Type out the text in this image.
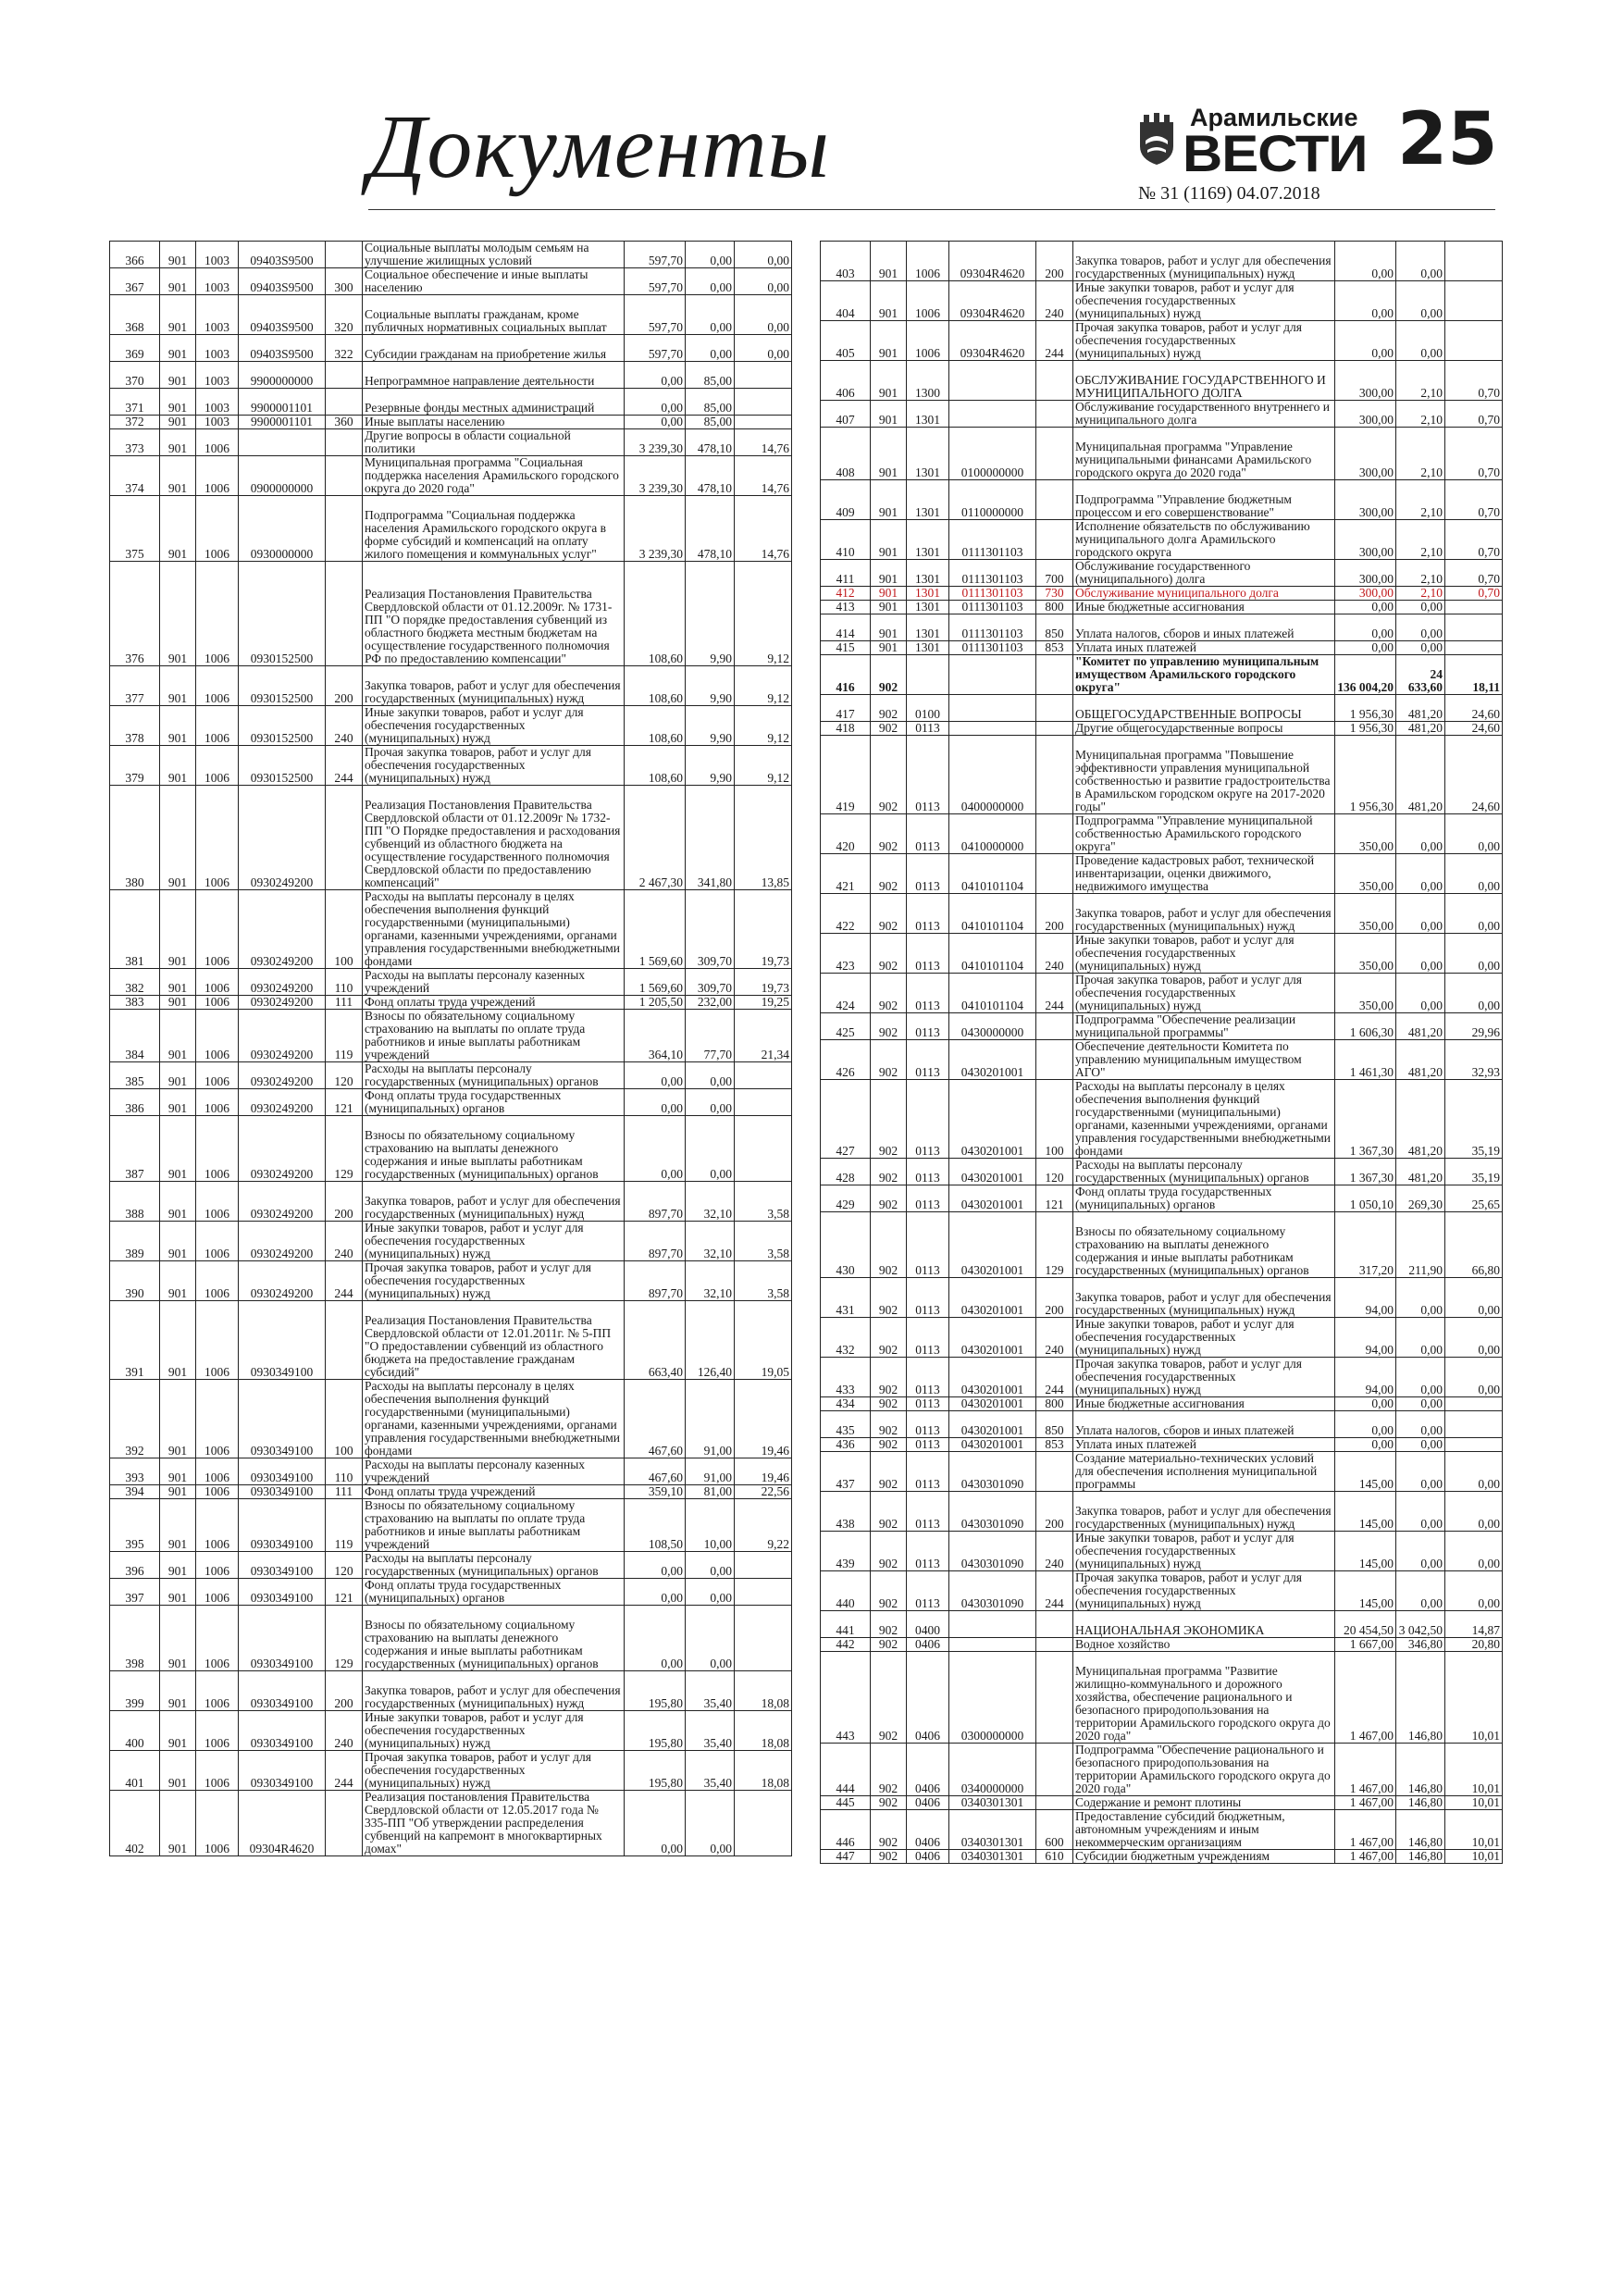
Документы	Арамильские
ВЕСТИ 25
№ 31 (1169) 04.07.2018
366	901	1003	09403S9500		Социальные выплаты молодым семьям на улучшение жилищных условий	597,70	0,00	0,00
367	901	1003	09403S9500	300	Социальное обеспечение и иные выплаты населению	597,70	0,00	0,00
368	901	1003	09403S9500	320	Социальные выплаты гражданам, кроме публичных нормативных социальных выплат	597,70	0,00	0,00
369	901	1003	09403S9500	322	Субсидии гражданам на приобретение жилья	597,70	0,00	0,00
370	901	1003	9900000000		Непрограммное направление деятельности	0,00	85,00	
371	901	1003	9900001101		Резервные фонды местных администраций	0,00	85,00	
372	901	1003	9900001101	360	Иные выплаты населению	0,00	85,00	
373	901	1006			Другие вопросы в области социальной политики	3 239,30	478,10	14,76
374	901	1006	0900000000		Муниципальная программа "Социальная поддержка населения Арамильского городского округа до 2020 года"	3 239,30	478,10	14,76
375	901	1006	0930000000		Подпрограмма "Социальная поддержка населения Арамильского городского округа в форме субсидий и компенсаций на оплату жилого помещения и коммунальных услуг"	3 239,30	478,10	14,76
376	901	1006	0930152500		Реализация Постановления Правительства Свердловской области от 01.12.2009г. № 1731-ПП "О порядке предоставления субвенций из областного бюджета местным бюджетам на осуществление государственного полномочия РФ по предоставлению компенсации"	108,60	9,90	9,12
377	901	1006	0930152500	200	Закупка товаров, работ и услуг для обеспечения государственных (муниципальных) нужд	108,60	9,90	9,12
378	901	1006	0930152500	240	Иные закупки товаров, работ и услуг для обеспечения государственных (муниципальных) нужд	108,60	9,90	9,12
379	901	1006	0930152500	244	Прочая закупка товаров, работ и услуг для обеспечения государственных (муниципальных) нужд	108,60	9,90	9,12
380	901	1006	0930249200		Реализация Постановления Правительства Свердловской области от 01.12.2009г № 1732-ПП "О Порядке предоставления и расходования субвенций из областного бюджета на осуществление государственного полномочия Свердловской области по предоставлению компенсаций"	2 467,30	341,80	13,85
381	901	1006	0930249200	100	Расходы на выплаты персоналу в целях обеспечения выполнения функций государственными (муниципальными) органами, казенными учреждениями, органами управления государственными внебюджетными фондами	1 569,60	309,70	19,73
382	901	1006	0930249200	110	Расходы на выплаты персоналу казенных учреждений	1 569,60	309,70	19,73
383	901	1006	0930249200	111	Фонд оплаты труда учреждений	1 205,50	232,00	19,25
384	901	1006	0930249200	119	Взносы по обязательному социальному страхованию на выплаты по оплате труда работников и иные выплаты работникам учреждений	364,10	77,70	21,34
385	901	1006	0930249200	120	Расходы на выплаты персоналу государственных (муниципальных) органов	0,00	0,00	
386	901	1006	0930249200	121	Фонд оплаты труда государственных (муниципальных) органов	0,00	0,00	
387	901	1006	0930249200	129	Взносы по обязательному социальному страхованию на выплаты денежного содержания и иные выплаты работникам государственных (муниципальных) органов	0,00	0,00	
388	901	1006	0930249200	200	Закупка товаров, работ и услуг для обеспечения государственных (муниципальных) нужд	897,70	32,10	3,58
389	901	1006	0930249200	240	Иные закупки товаров, работ и услуг для обеспечения государственных (муниципальных) нужд	897,70	32,10	3,58
390	901	1006	0930249200	244	Прочая закупка товаров, работ и услуг для обеспечения государственных (муниципальных) нужд	897,70	32,10	3,58
391	901	1006	0930349100		Реализация Постановления Правительства Свердловской области от 12.01.2011г. № 5-ПП "О предоставлении субвенций из областного бюджета на предоставление гражданам субсидий"	663,40	126,40	19,05
392	901	1006	0930349100	100	Расходы на выплаты персоналу в целях обеспечения выполнения функций государственными (муниципальными) органами, казенными учреждениями, органами управления государственными внебюджетными фондами	467,60	91,00	19,46
393	901	1006	0930349100	110	Расходы на выплаты персоналу казенных учреждений	467,60	91,00	19,46
394	901	1006	0930349100	111	Фонд оплаты труда учреждений	359,10	81,00	22,56
395	901	1006	0930349100	119	Взносы по обязательному социальному страхованию на выплаты по оплате труда работников и иные выплаты работникам учреждений	108,50	10,00	9,22
396	901	1006	0930349100	120	Расходы на выплаты персоналу государственных (муниципальных) органов	0,00	0,00	
397	901	1006	0930349100	121	Фонд оплаты труда государственных (муниципальных) органов	0,00	0,00	
398	901	1006	0930349100	129	Взносы по обязательному социальному страхованию на выплаты денежного содержания и иные выплаты работникам государственных (муниципальных) органов	0,00	0,00	
399	901	1006	0930349100	200	Закупка товаров, работ и услуг для обеспечения государственных (муниципальных) нужд	195,80	35,40	18,08
400	901	1006	0930349100	240	Иные закупки товаров, работ и услуг для обеспечения государственных (муниципальных) нужд	195,80	35,40	18,08
401	901	1006	0930349100	244	Прочая закупка товаров, работ и услуг для обеспечения государственных (муниципальных) нужд	195,80	35,40	18,08
402	901	1006	09304R4620		Реализация постановления Правительства Свердловской области от 12.05.2017 года № 335-ПП "Об утверждении распределения субвенций на капремонт в многоквартирных домах"	0,00	0,00	
403	901	1006	09304R4620	200	Закупка товаров, работ и услуг для обеспечения государственных (муниципальных) нужд	0,00	0,00	
404	901	1006	09304R4620	240	Иные закупки товаров, работ и услуг для обеспечения государственных (муниципальных) нужд	0,00	0,00	
405	901	1006	09304R4620	244	Прочая закупка товаров, работ и услуг для обеспечения государственных (муниципальных) нужд	0,00	0,00	
406	901	1300			ОБСЛУЖИВАНИЕ ГОСУДАРСТВЕННОГО И МУНИЦИПАЛЬНОГО ДОЛГА	300,00	2,10	0,70
407	901	1301			Обслуживание государственного внутреннего и муниципального долга	300,00	2,10	0,70
408	901	1301	0100000000		Муниципальная программа "Управление муниципальными финансами Арамильского городского округа до 2020 года"	300,00	2,10	0,70
409	901	1301	0110000000		Подпрограмма "Управление бюджетным процессом и его совершенствование"	300,00	2,10	0,70
410	901	1301	0111301103		Исполнение обязательств по обслуживанию муниципального долга Арамильского городского округа	300,00	2,10	0,70
411	901	1301	0111301103	700	Обслуживание государственного (муниципального) долга	300,00	2,10	0,70
412	901	1301	0111301103	730	Обслуживание муниципального долга	300,00	2,10	0,70
413	901	1301	0111301103	800	Иные бюджетные ассигнования	0,00	0,00	
414	901	1301	0111301103	850	Уплата налогов, сборов и иных платежей	0,00	0,00	
415	901	1301	0111301103	853	Уплата иных платежей	0,00	0,00	
416	902				"Комитет по управлению муниципальным имуществом Арамильского городского округа"	136 004,20	24 633,60	18,11
417	902	0100			ОБЩЕГОСУДАРСТВЕННЫЕ ВОПРОСЫ	1 956,30	481,20	24,60
418	902	0113			Другие общегосударственные вопросы	1 956,30	481,20	24,60
419	902	0113	0400000000		Муниципальная программа "Повышение эффективности управления муниципальной собственностью и развитие градостроительства в Арамильском городском округе на 2017-2020 годы"	1 956,30	481,20	24,60
420	902	0113	0410000000		Подпрограмма "Управление муниципальной собственностью Арамильского городского округа"	350,00	0,00	0,00
421	902	0113	0410101104		Проведение кадастровых работ, технической инвентаризации, оценки движимого, недвижимого имущества	350,00	0,00	0,00
422	902	0113	0410101104	200	Закупка товаров, работ и услуг для обеспечения государственных (муниципальных) нужд	350,00	0,00	0,00
423	902	0113	0410101104	240	Иные закупки товаров, работ и услуг для обеспечения государственных (муниципальных) нужд	350,00	0,00	0,00
424	902	0113	0410101104	244	Прочая закупка товаров, работ и услуг для обеспечения государственных (муниципальных) нужд	350,00	0,00	0,00
425	902	0113	0430000000		Подпрограмма "Обеспечение реализации муниципальной программы"	1 606,30	481,20	29,96
426	902	0113	0430201001		Обеспечение деятельности Комитета по управлению муниципальным имуществом АГО"	1 461,30	481,20	32,93
427	902	0113	0430201001	100	Расходы на выплаты персоналу в целях обеспечения выполнения функций государственными (муниципальными) органами, казенными учреждениями, органами управления государственными внебюджетными фондами	1 367,30	481,20	35,19
428	902	0113	0430201001	120	Расходы на выплаты персоналу государственных (муниципальных) органов	1 367,30	481,20	35,19
429	902	0113	0430201001	121	Фонд оплаты труда государственных (муниципальных) органов	1 050,10	269,30	25,65
430	902	0113	0430201001	129	Взносы по обязательному социальному страхованию на выплаты денежного содержания и иные выплаты работникам государственных (муниципальных) органов	317,20	211,90	66,80
431	902	0113	0430201001	200	Закупка товаров, работ и услуг для обеспечения государственных (муниципальных) нужд	94,00	0,00	0,00
432	902	0113	0430201001	240	Иные закупки товаров, работ и услуг для обеспечения государственных (муниципальных) нужд	94,00	0,00	0,00
433	902	0113	0430201001	244	Прочая закупка товаров, работ и услуг для обеспечения государственных (муниципальных) нужд	94,00	0,00	0,00
434	902	0113	0430201001	800	Иные бюджетные ассигнования	0,00	0,00	
435	902	0113	0430201001	850	Уплата налогов, сборов и иных платежей	0,00	0,00	
436	902	0113	0430201001	853	Уплата иных платежей	0,00	0,00	
437	902	0113	0430301090		Создание материально-технических условий для обеспечения исполнения муниципальной программы	145,00	0,00	0,00
438	902	0113	0430301090	200	Закупка товаров, работ и услуг для обеспечения государственных (муниципальных) нужд	145,00	0,00	0,00
439	902	0113	0430301090	240	Иные закупки товаров, работ и услуг для обеспечения государственных (муниципальных) нужд	145,00	0,00	0,00
440	902	0113	0430301090	244	Прочая закупка товаров, работ и услуг для обеспечения государственных (муниципальных) нужд	145,00	0,00	0,00
441	902	0400			НАЦИОНАЛЬНАЯ ЭКОНОМИКА	20 454,50	3 042,50	14,87
442	902	0406			Водное хозяйство	1 667,00	346,80	20,80
443	902	0406	0300000000		Муниципальная программа "Развитие жилищно-коммунального и дорожного хозяйства, обеспечение рационального и безопасного природопользования на территории Арамильского городского округа до 2020 года"	1 467,00	146,80	10,01
444	902	0406	0340000000		Подпрограмма "Обеспечение рационального и безопасного природопользования на территории Арамильского городского округа до 2020 года"	1 467,00	146,80	10,01
445	902	0406	0340301301		Содержание и ремонт плотины	1 467,00	146,80	10,01
446	902	0406	0340301301	600	Предоставление субсидий бюджетным, автономным учреждениям и иным некоммерческим организациям	1 467,00	146,80	10,01
447	902	0406	0340301301	610	Субсидии бюджетным учреждениям	1 467,00	146,80	10,01
